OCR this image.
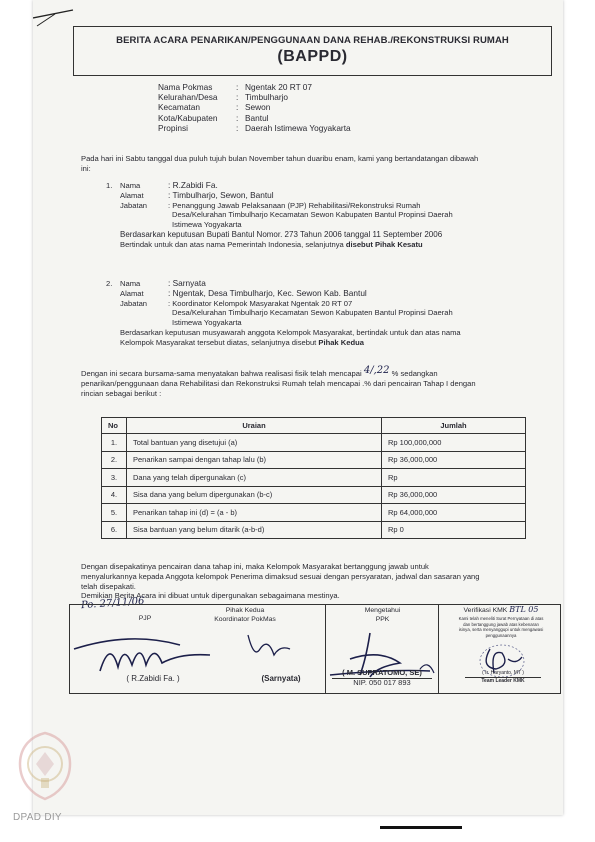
BERITA ACARA PENARIKAN/PENGGUNAAN DANA REHAB./REKONSTRUKSI RUMAH
(BAPPD)
Nama Pokmas	: Ngentak 20 RT 07
Kelurahan/Desa	: Timbulharjo
Kecamatan	: Sewon
Kota/Kabupaten	: Bantul
Propinsi	: Daerah Istimewa Yogyakarta
Pada hari ini Sabtu tanggal dua puluh tujuh bulan November tahun duaribu enam, kami yang bertandatangan dibawah
ini:
1.	Nama	: R.Zabidi Fa.
Alamat	: Timbulharjo, Sewon, Bantul
Jabatan	: Penanggung Jawab Pelaksanaan (PJP) Rehabilitasi/Rekonstruksi Rumah
Desa/Kelurahan Timbulharjo Kecamatan Sewon Kabupaten Bantul Propinsi Daerah
Istimewa Yogyakarta
Berdasarkan keputusan Bupati Bantul Nomor. 273 Tahun 2006 tanggal 11 September 2006
Bertindak untuk dan atas nama Pemerintah Indonesia, selanjutnya disebut Pihak Kesatu
2.	Nama	: Sarnyata
Alamat	: Ngentak, Desa Timbulharjo, Kec. Sewon Kab. Bantul
Jabatan	: Koordinator Kelompok Masyarakat Ngentak 20 RT 07
Desa/Kelurahan Timbulharjo Kecamatan Sewon Kabupaten Bantul Propinsi Daerah
Istimewa Yogyakarta
Berdasarkan keputusan musyawarah anggota Kelompok Masyarakat, bertindak untuk dan atas nama
Kelompok Masyarakat tersebut diatas, selanjutnya disebut Pihak Kedua
Dengan ini secara bursama-sama menyatakan bahwa realisasi fisik telah mencapai 4/,22 % sedangkan
penarikan/penggunaan dana Rehabilitasi dan Rekonstruksi Rumah telah mencapai .% dari pencairan Tahap I dengan
rincian sebagai berikut :
No	Uraian	Jumlah
1.	Total bantuan yang disetujui (a)	Rp 100,000,000
2.	Penarikan sampai dengan tahap lalu (b)	Rp 36,000,000
3.	Dana yang telah dipergunakan (c)	Rp
4.	Sisa dana yang belum dipergunakan (b-c)	Rp 36,000,000
5.	Penarikan tahap ini (d) = (a - b)	Rp 64,000,000
6.	Sisa bantuan yang belum ditarik (a-b-d)	Rp 0
Dengan disepakatinya pencairan dana tahap ini, maka Kelompok Masyarakat bertanggung jawab untuk
menyalurkannya kepada Anggota kelompok Penerima dimaksud sesuai dengan persyaratan, jadwal dan sasaran yang
telah disepakati.
Demikian Berita Acara ini dibuat untuk dipergunakan sebagaimana mestinya.
Po. 27/11/06
PJP
Pihak Kedua
Koordinator PokMas
Mengetahui
PPK
Verifikasi KMK BTL 05
Kami telah meneliti Surat Pernyataan di atas
dan bertanggung jawab atas kebenaran
isinya, serta menyanggupi untuk mengawasi
penggunaannya
( R.Zabidi Fa. )	(Sarnyata)
( M. SUPRATOMO, SE)
NIP. 050 017 893
( Ir. Haryanto, MT )
Team Leader KMK
DPAD DIY
